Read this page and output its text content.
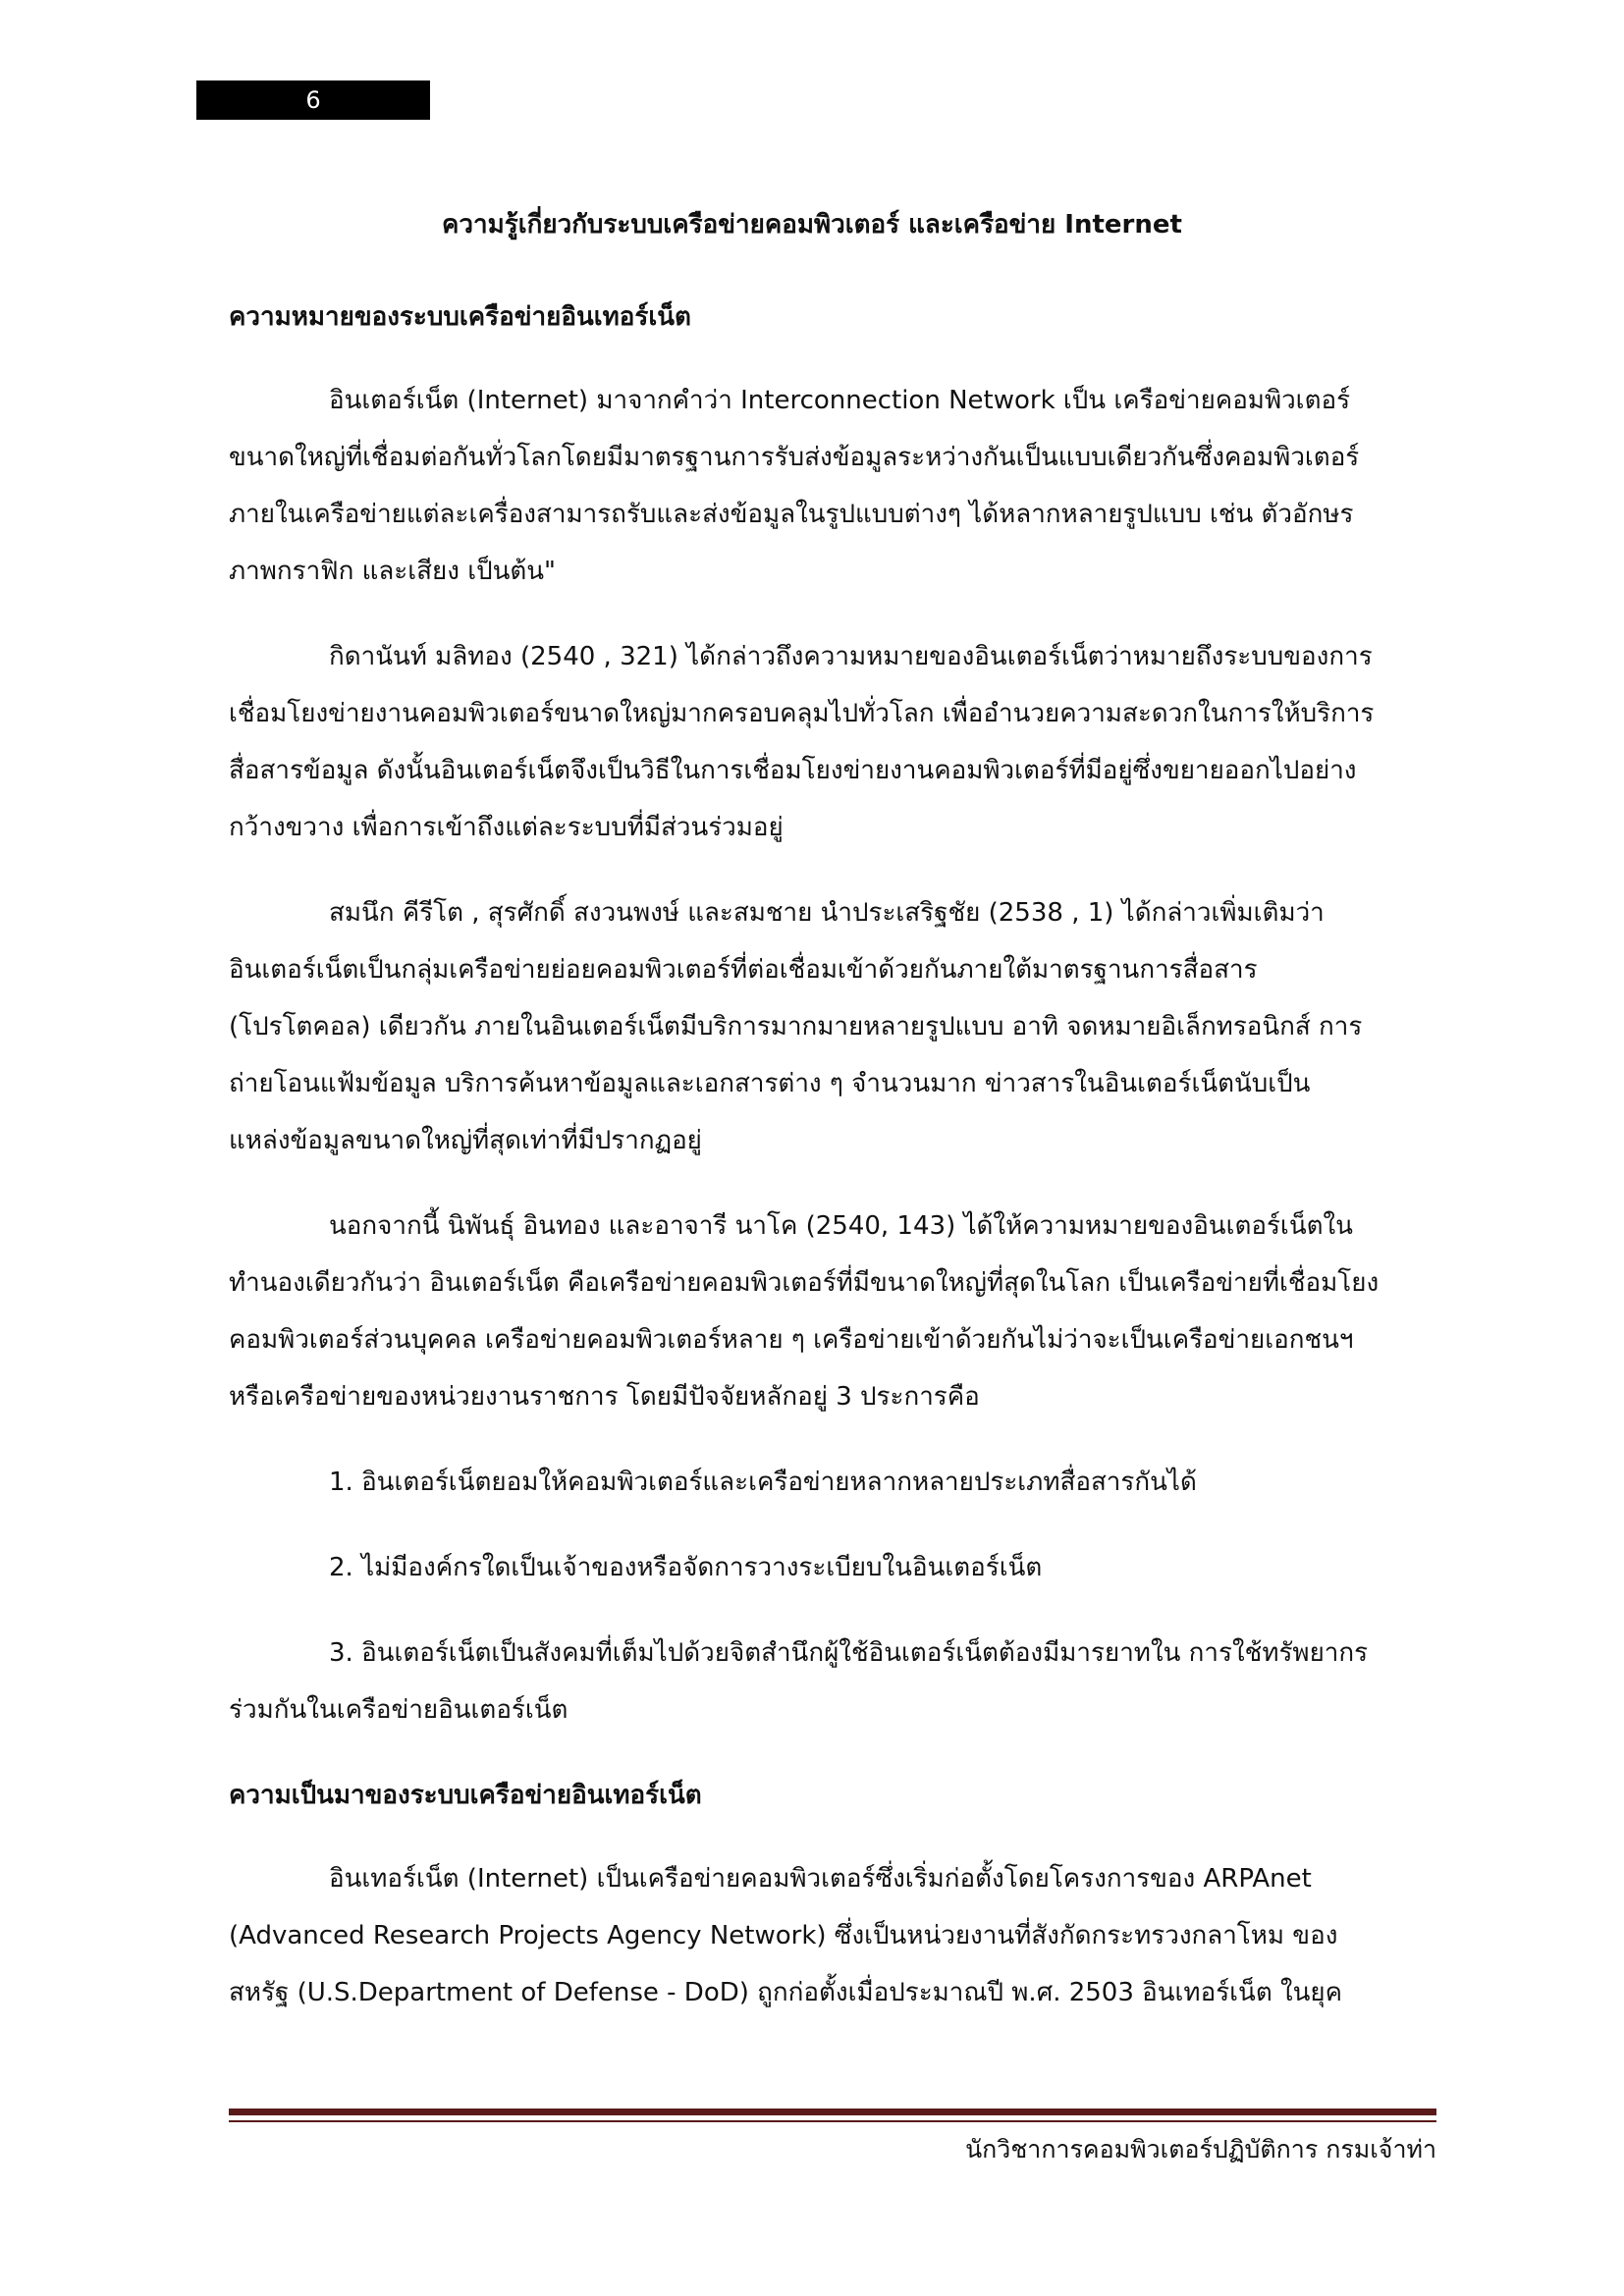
6
ความรู้เกี่ยวกับระบบเครือข่ายคอมพิวเตอร์ และเครือข่าย Internet
ความหมายของระบบเครือข่ายอินเทอร์เน็ต
อินเตอร์เน็ต (Internet) มาจากคำว่า Interconnection Network เป็น เครือข่ายคอมพิวเตอร์
ขนาดใหญ่ที่เชื่อมต่อกันทั่วโลกโดยมีมาตรฐานการรับส่งข้อมูลระหว่างกันเป็นแบบเดียวกันซึ่งคอมพิวเตอร์
ภายในเครือข่ายแต่ละเครื่องสามารถรับและส่งข้อมูลในรูปแบบต่างๆ ได้หลากหลายรูปแบบ เช่น ตัวอักษร
ภาพกราฟิก และเสียง เป็นต้น"
กิดานันท์ มลิทอง (2540 , 321) ได้กล่าวถึงความหมายของอินเตอร์เน็ตว่าหมายถึงระบบของการ
เชื่อมโยงข่ายงานคอมพิวเตอร์ขนาดใหญ่มากครอบคลุมไปทั่วโลก เพื่ออำนวยความสะดวกในการให้บริการ
สื่อสารข้อมูล ดังนั้นอินเตอร์เน็ตจึงเป็นวิธีในการเชื่อมโยงข่ายงานคอมพิวเตอร์ที่มีอยู่ซึ่งขยายออกไปอย่าง
กว้างขวาง เพื่อการเข้าถึงแต่ละระบบที่มีส่วนร่วมอยู่
สมนึก คีรีโต , สุรศักดิ์ สงวนพงษ์ และสมชาย นำประเสริฐชัย (2538 , 1) ได้กล่าวเพิ่มเติมว่า
อินเตอร์เน็ตเป็นกลุ่มเครือข่ายย่อยคอมพิวเตอร์ที่ต่อเชื่อมเข้าด้วยกันภายใต้มาตรฐานการสื่อสาร
(โปรโตคอล) เดียวกัน ภายในอินเตอร์เน็ตมีบริการมากมายหลายรูปแบบ อาทิ จดหมายอิเล็กทรอนิกส์ การ
ถ่ายโอนแฟ้มข้อมูล บริการค้นหาข้อมูลและเอกสารต่าง ๆ จำนวนมาก ข่าวสารในอินเตอร์เน็ตนับเป็น
แหล่งข้อมูลขนาดใหญ่ที่สุดเท่าที่มีปรากฏอยู่
นอกจากนี้ นิพันธุ์ อินทอง และอาจารี นาโค (2540, 143) ได้ให้ความหมายของอินเตอร์เน็ตใน
ทำนองเดียวกันว่า อินเตอร์เน็ต คือเครือข่ายคอมพิวเตอร์ที่มีขนาดใหญ่ที่สุดในโลก เป็นเครือข่ายที่เชื่อมโยง
คอมพิวเตอร์ส่วนบุคคล เครือข่ายคอมพิวเตอร์หลาย ๆ เครือข่ายเข้าด้วยกันไม่ว่าจะเป็นเครือข่ายเอกชนฯ
หรือเครือข่ายของหน่วยงานราชการ โดยมีปัจจัยหลักอยู่ 3 ประการคือ
1. อินเตอร์เน็ตยอมให้คอมพิวเตอร์และเครือข่ายหลากหลายประเภทสื่อสารกันได้
2. ไม่มีองค์กรใดเป็นเจ้าของหรือจัดการวางระเบียบในอินเตอร์เน็ต
3. อินเตอร์เน็ตเป็นสังคมที่เต็มไปด้วยจิตสำนึกผู้ใช้อินเตอร์เน็ตต้องมีมารยาทใน การใช้ทรัพยากร
ร่วมกันในเครือข่ายอินเตอร์เน็ต
ความเป็นมาของระบบเครือข่ายอินเทอร์เน็ต
อินเทอร์เน็ต (Internet) เป็นเครือข่ายคอมพิวเตอร์ซึ่งเริ่มก่อตั้งโดยโครงการของ ARPAnet
(Advanced Research Projects Agency Network) ซึ่งเป็นหน่วยงานที่สังกัดกระทรวงกลาโหม ของ
สหรัฐ (U.S.Department of Defense - DoD) ถูกก่อตั้งเมื่อประมาณปี พ.ศ. 2503 อินเทอร์เน็ต ในยุค
นักวิชาการคอมพิวเตอร์ปฏิบัติการ กรมเจ้าท่า
